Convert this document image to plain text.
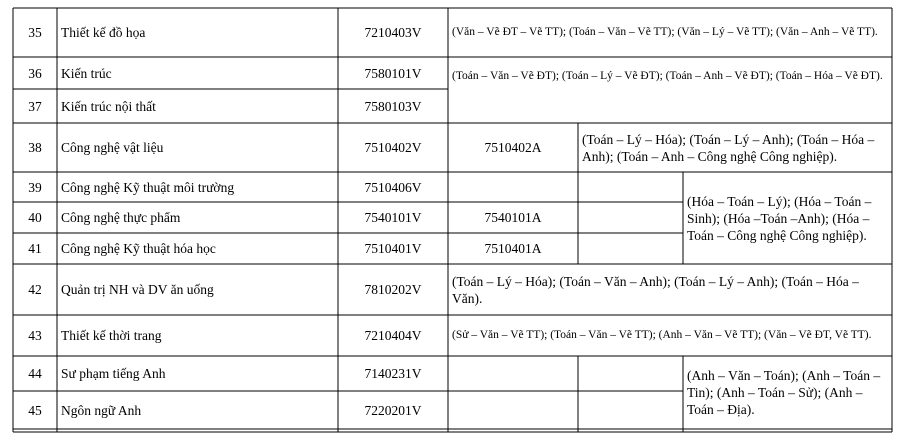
35	Thiết kế đồ họa	7210403V	(Văn – Vẽ ĐT – Vẽ TT); (Toán – Văn – Vẽ TT); (Văn – Lý – Vẽ TT); (Văn – Anh – Vẽ TT).
36	Kiến trúc	7580101V
37	Kiến trúc nội thất	7580103V
(Toán – Văn – Vẽ ĐT); (Toán – Lý – Vẽ ĐT); (Toán – Anh – Vẽ ĐT); (Toán – Hóa – Vẽ ĐT).
38	Công nghệ vật liệu	7510402V	7510402A
(Toán – Lý – Hóa); (Toán – Lý – Anh); (Toán – Hóa – Anh); (Toán – Anh – Công nghệ Công nghiệp).
39	Công nghệ Kỹ thuật môi trường	7510406V
40	Công nghệ thực phẩm	7540101V	7540101A
41	Công nghệ Kỹ thuật hóa học	7510401V	7510401A
(Hóa – Toán – Lý); (Hóa – Toán –Sinh); (Hóa –Toán –Anh); (Hóa – Toán – Công nghệ Công nghiệp).
42	Quản trị NH và DV ăn uống	7810202V
(Toán – Lý – Hóa); (Toán – Văn – Anh); (Toán – Lý – Anh); (Toán – Hóa – Văn).
43	Thiết kế thời trang	7210404V	(Sử – Văn – Vẽ TT); (Toán – Văn – Vẽ TT); (Anh – Văn – Vẽ TT); (Văn – Vẽ ĐT, Vẽ TT).
44	Sư phạm tiếng Anh	7140231V
45	Ngôn ngữ Anh	7220201V
(Anh – Văn – Toán); (Anh – Toán – Tin); (Anh – Toán – Sử); (Anh – Toán – Địa).
